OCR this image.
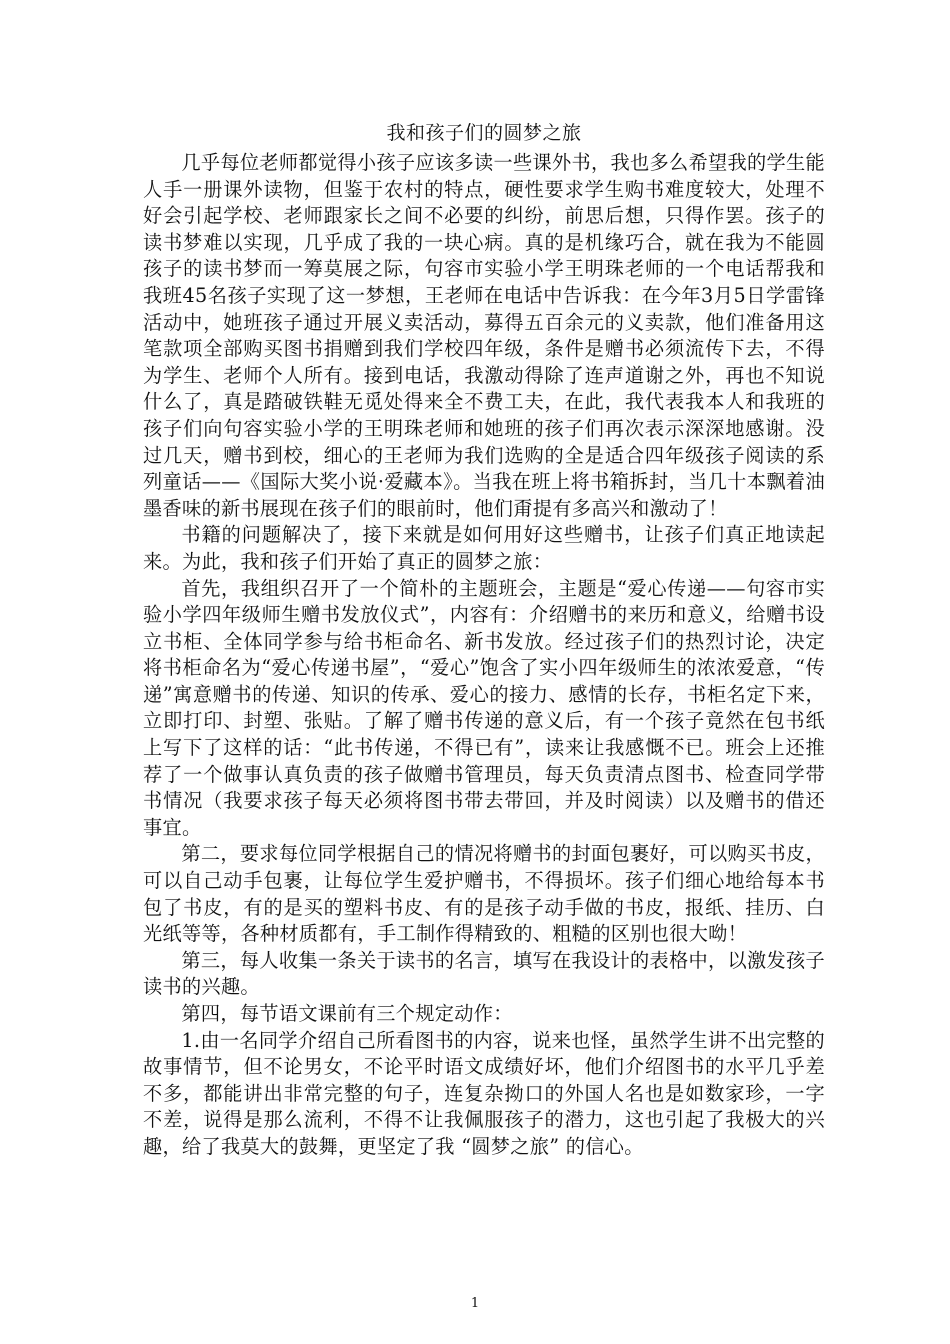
我和孩子们的圆梦之旅

几乎每位老师都觉得小孩子应该多读一些课外书，我也多么希望我的学生能人手一册课外读物，但鉴于农村的特点，硬性要求学生购书难度较大，处理不好会引起学校、老师跟家长之间不必要的纠纷，前思后想，只得作罢。孩子的读书梦难以实现，几乎成了我的一块心病。真的是机缘巧合，就在我为不能圆孩子的读书梦而一筹莫展之际，句容市实验小学王明珠老师的一个电话帮我和我班45名孩子实现了这一梦想，王老师在电话中告诉我：在今年3月5日学雷锋活动中，她班孩子通过开展义卖活动，募得五百余元的义卖款，他们准备用这笔款项全部购买图书捐赠到我们学校四年级，条件是赠书必须流传下去，不得为学生、老师个人所有。接到电话，我激动得除了连声道谢之外，再也不知说什么了，真是踏破铁鞋无觅处得来全不费工夫，在此，我代表我本人和我班的孩子们向句容实验小学的王明珠老师和她班的孩子们再次表示深深地感谢。没过几天，赠书到校，细心的王老师为我们选购的全是适合四年级孩子阅读的系列童话——《国际大奖小说·爱藏本》。当我在班上将书箱拆封，当几十本飘着油墨香味的新书展现在孩子们的眼前时，他们甭提有多高兴和激动了！

书籍的问题解决了，接下来就是如何用好这些赠书，让孩子们真正地读起来。为此，我和孩子们开始了真正的圆梦之旅：

首先，我组织召开了一个简朴的主题班会，主题是“爱心传递——句容市实验小学四年级师生赠书发放仪式”，内容有：介绍赠书的来历和意义，给赠书设立书柜、全体同学参与给书柜命名、新书发放。经过孩子们的热烈讨论，决定将书柜命名为“爱心传递书屋”，“爱心”饱含了实小四年级师生的浓浓爱意，“传递”寓意赠书的传递、知识的传承、爱心的接力、感情的长存，书柜名定下来，立即打印、封塑、张贴。了解了赠书传递的意义后，有一个孩子竟然在包书纸上写下了这样的话：“此书传递，不得已有”，读来让我感慨不已。班会上还推荐了一个做事认真负责的孩子做赠书管理员，每天负责清点图书、检查同学带书情况（我要求孩子每天必须将图书带去带回，并及时阅读）以及赠书的借还事宜。

第二，要求每位同学根据自己的情况将赠书的封面包裹好，可以购买书皮，可以自己动手包裹，让每位学生爱护赠书，不得损坏。孩子们细心地给每本书包了书皮，有的是买的塑料书皮、有的是孩子动手做的书皮，报纸、挂历、白光纸等等，各种材质都有，手工制作得精致的、粗糙的区别也很大呦！

第三，每人收集一条关于读书的名言，填写在我设计的表格中，以激发孩子读书的兴趣。

第四，每节语文课前有三个规定动作：

1.由一名同学介绍自己所看图书的内容，说来也怪，虽然学生讲不出完整的故事情节，但不论男女，不论平时语文成绩好坏，他们介绍图书的水平几乎差不多，都能讲出非常完整的句子，连复杂拗口的外国人名也是如数家珍，一字不差，说得是那么流利，不得不让我佩服孩子的潜力，这也引起了我极大的兴趣，给了我莫大的鼓舞，更坚定了我 “圆梦之旅” 的信心。

1
